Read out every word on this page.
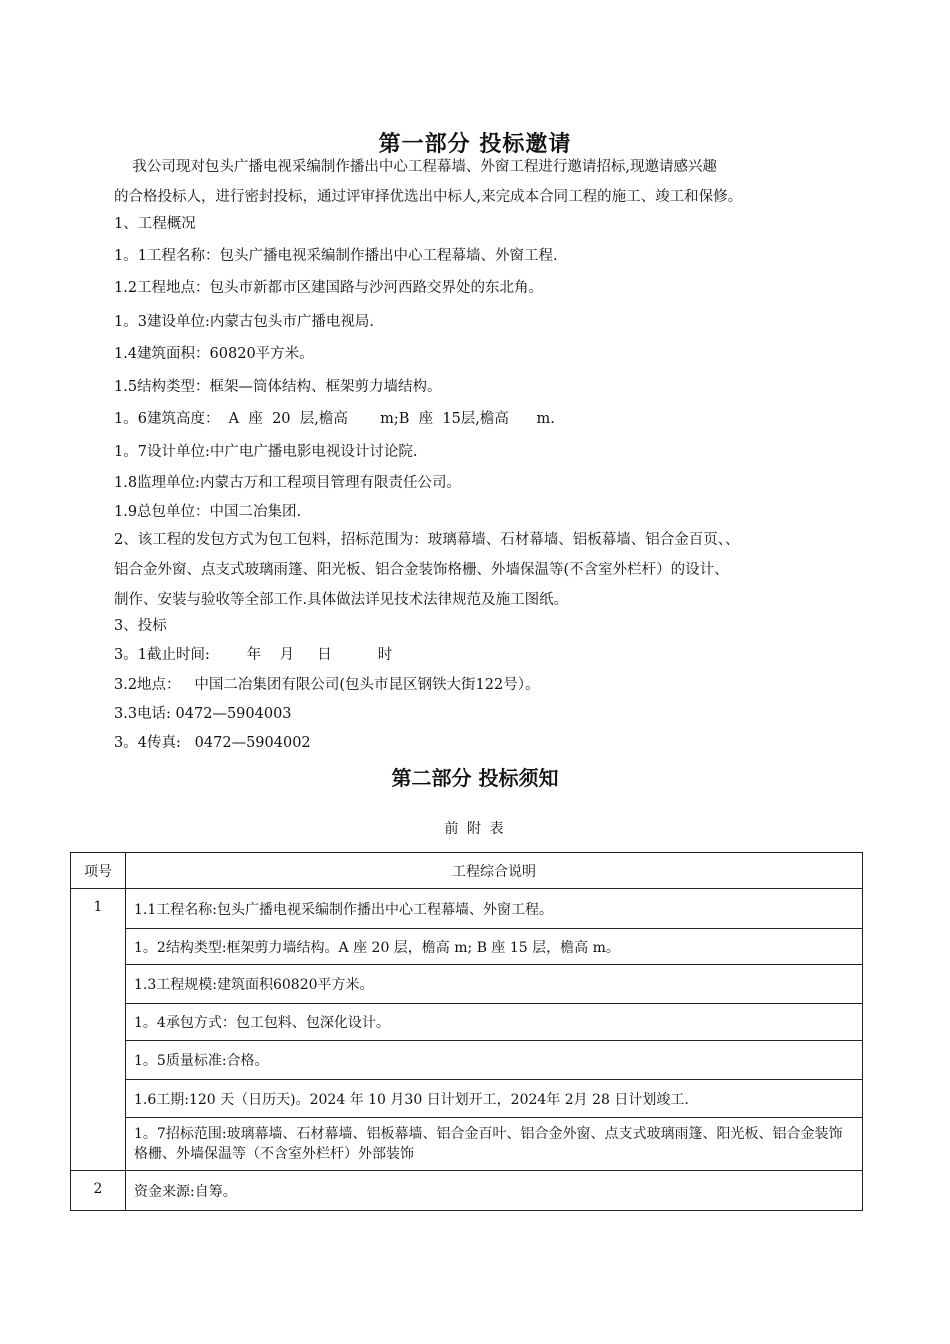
第一部分 投标邀请
我公司现对包头广播电视采编制作播出中心工程幕墙、外窗工程进行邀请招标,现邀请感兴趣
的合格投标人，进行密封投标，通过评审择优选出中标人,来完成本合同工程的施工、竣工和保修。
1、工程概况
1。1工程名称：包头广播电视采编制作播出中心工程幕墙、外窗工程.
1.2工程地点：包头市新都市区建国路与沙河西路交界处的东北角。
1。3建设单位:内蒙古包头市广播电视局.
1.4建筑面积：60820平方米。
1.5结构类型：框架—筒体结构、框架剪力墙结构。
1。6建筑高度：  A  座  20  层,檐高       m;B  座  15层,檐高      m.
1。7设计单位:中广电广播电影电视设计讨论院.
1.8监理单位:内蒙古万和工程项目管理有限责任公司。
1.9总包单位：中国二冶集团.
2、该工程的发包方式为包工包料，招标范围为：玻璃幕墙、石材幕墙、铝板幕墙、铝合金百页、、
铝合金外窗、点支式玻璃雨篷、阳光板、铝合金装饰格栅、外墙保温等(不含室外栏杆）的设计、
制作、安装与验收等全部工作.具体做法详见技术法律规范及施工图纸。
3、投标
3。1截止时间:        年    月     日          时
3.2地点：   中国二冶集团有限公司(包头市昆区钢铁大街122号）。
3.3电话: 0472—5904003
3。4传真:   0472—5904002
第二部分 投标须知
前 附 表
项号	工程综合说明
1	1.1工程名称:包头广播电视采编制作播出中心工程幕墙、外窗工程。
	1。2结构类型:框架剪力墙结构。A 座 20 层，檐高 m; B 座 15 层，檐高 m。
	1.3工程规模:建筑面积60820平方米。
	1。4承包方式：包工包料、包深化设计。
	1。5质量标准:合格。
	1.6工期:120 天（日历天)。2024 年 10 月30 日计划开工，2024年 2月 28 日计划竣工.
	1。7招标范围:玻璃幕墙、石材幕墙、铝板幕墙、铝合金百叶、铝合金外窗、点支式玻璃雨篷、阳光板、铝合金装饰格栅、外墙保温等（不含室外栏杆）外部装饰
2	资金来源:自筹。
